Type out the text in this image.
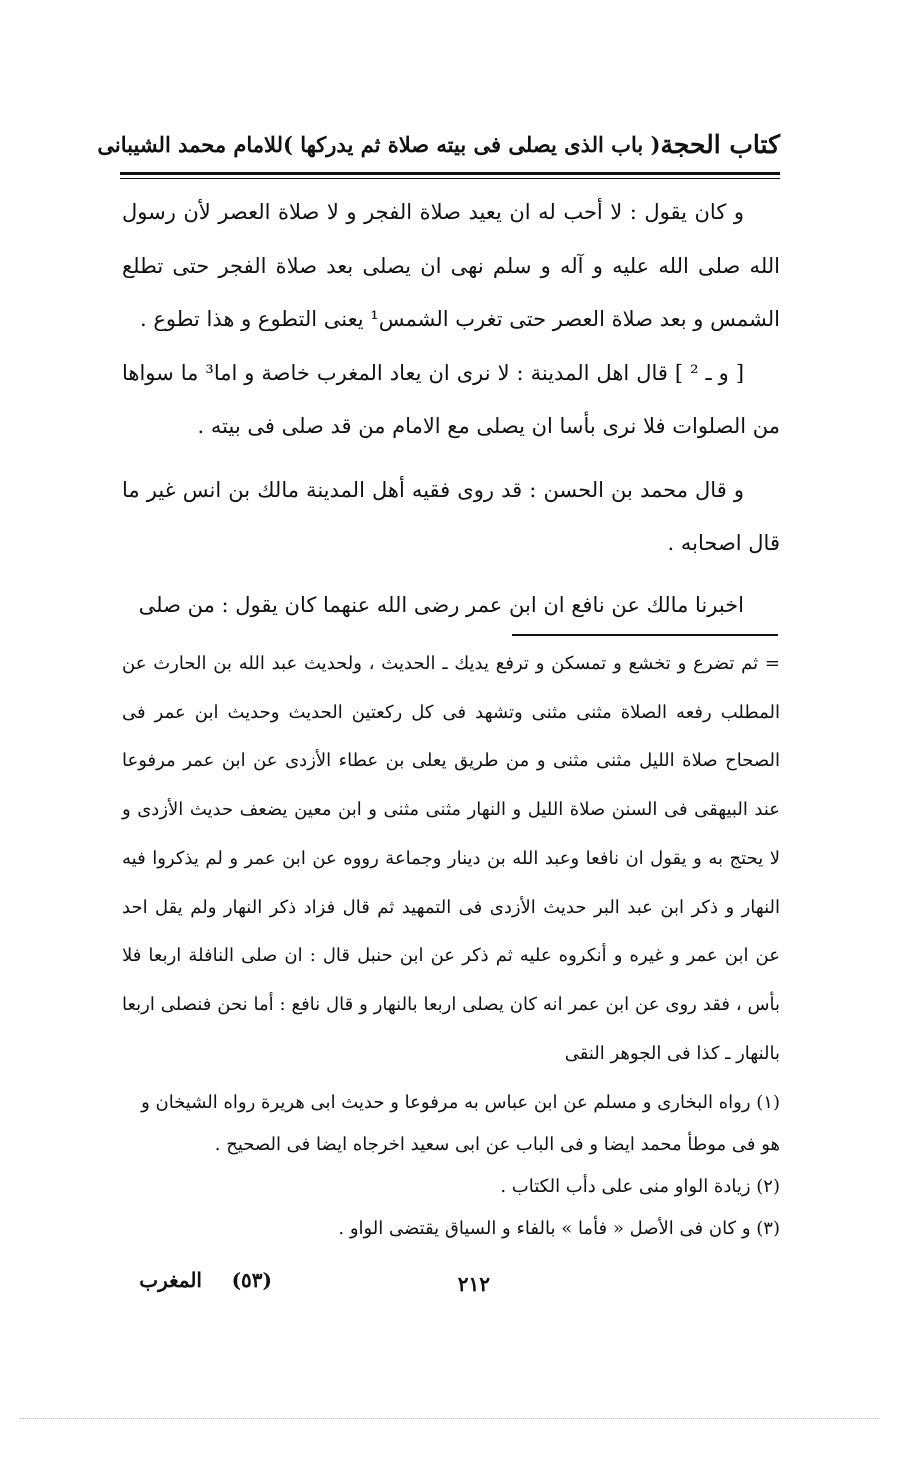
كتاب الحجة
( باب الذى يصلى فى بيته صلاة ثم يدركها )
للامام محمد الشيبانى

و كان يقول : لا أحب له ان يعيد صلاة الفجر و لا صلاة العصر لأن رسول الله صلى الله عليه و آله و سلم نهى ان يصلى بعد صلاة الفجر حتى تطلع الشمس و بعد صلاة العصر حتى تغرب الشمس¹ يعنى التطوع و هذا تطوع .

[ و ـ ² ] قال اهل المدينة : لا نرى ان يعاد المغرب خاصة و اما³ ما سواها من الصلوات فلا نرى بأسا ان يصلى مع الامام من قد صلى فى بيته .

و قال محمد بن الحسن : قد روى فقيه أهل المدينة مالك بن انس غير ما قال اصحابه .

اخبرنا مالك عن نافع ان ابن عمر رضى الله عنهما كان يقول : من صلى

= ثم تضرع و تخشع و تمسكن و ترفع يديك ـ الحديث ، ولحديث عبد الله بن الحارث عن المطلب رفعه الصلاة مثنى مثنى وتشهد فى كل ركعتين الحديث وحديث ابن عمر فى الصحاح صلاة الليل مثنى مثنى و من طريق يعلى بن عطاء الأزدى عن ابن عمر مرفوعا عند البيهقى فى السنن صلاة الليل و النهار مثنى مثنى و ابن معين يضعف حديث الأزدى و لا يحتج به و يقول ان نافعا وعبد الله بن دينار وجماعة رووه عن ابن عمر و لم يذكروا فيه النهار و ذكر ابن عبد البر حديث الأزدى فى التمهيد ثم قال فزاد ذكر النهار ولم يقل احد عن ابن عمر و غيره و أنكروه عليه ثم ذكر عن ابن حنبل قال : ان صلى النافلة اربعا فلا بأس ، فقد روى عن ابن عمر انه كان يصلى اربعا بالنهار و قال نافع : أما نحن فنصلى اربعا بالنهار ـ كذا فى الجوهر النقى

(١) رواه البخارى و مسلم عن ابن عباس به مرفوعا و حديث ابى هريرة رواه الشيخان و هو فى موطأ محمد ايضا و فى الباب عن ابى سعيد اخرجاه ايضا فى الصحيح .

(٢) زيادة الواو منى على دأب الكتاب .

(٣) و كان فى الأصل « فأما » بالفاء و السياق يقتضى الواو .

٢١٢
(٥٣)
المغرب
